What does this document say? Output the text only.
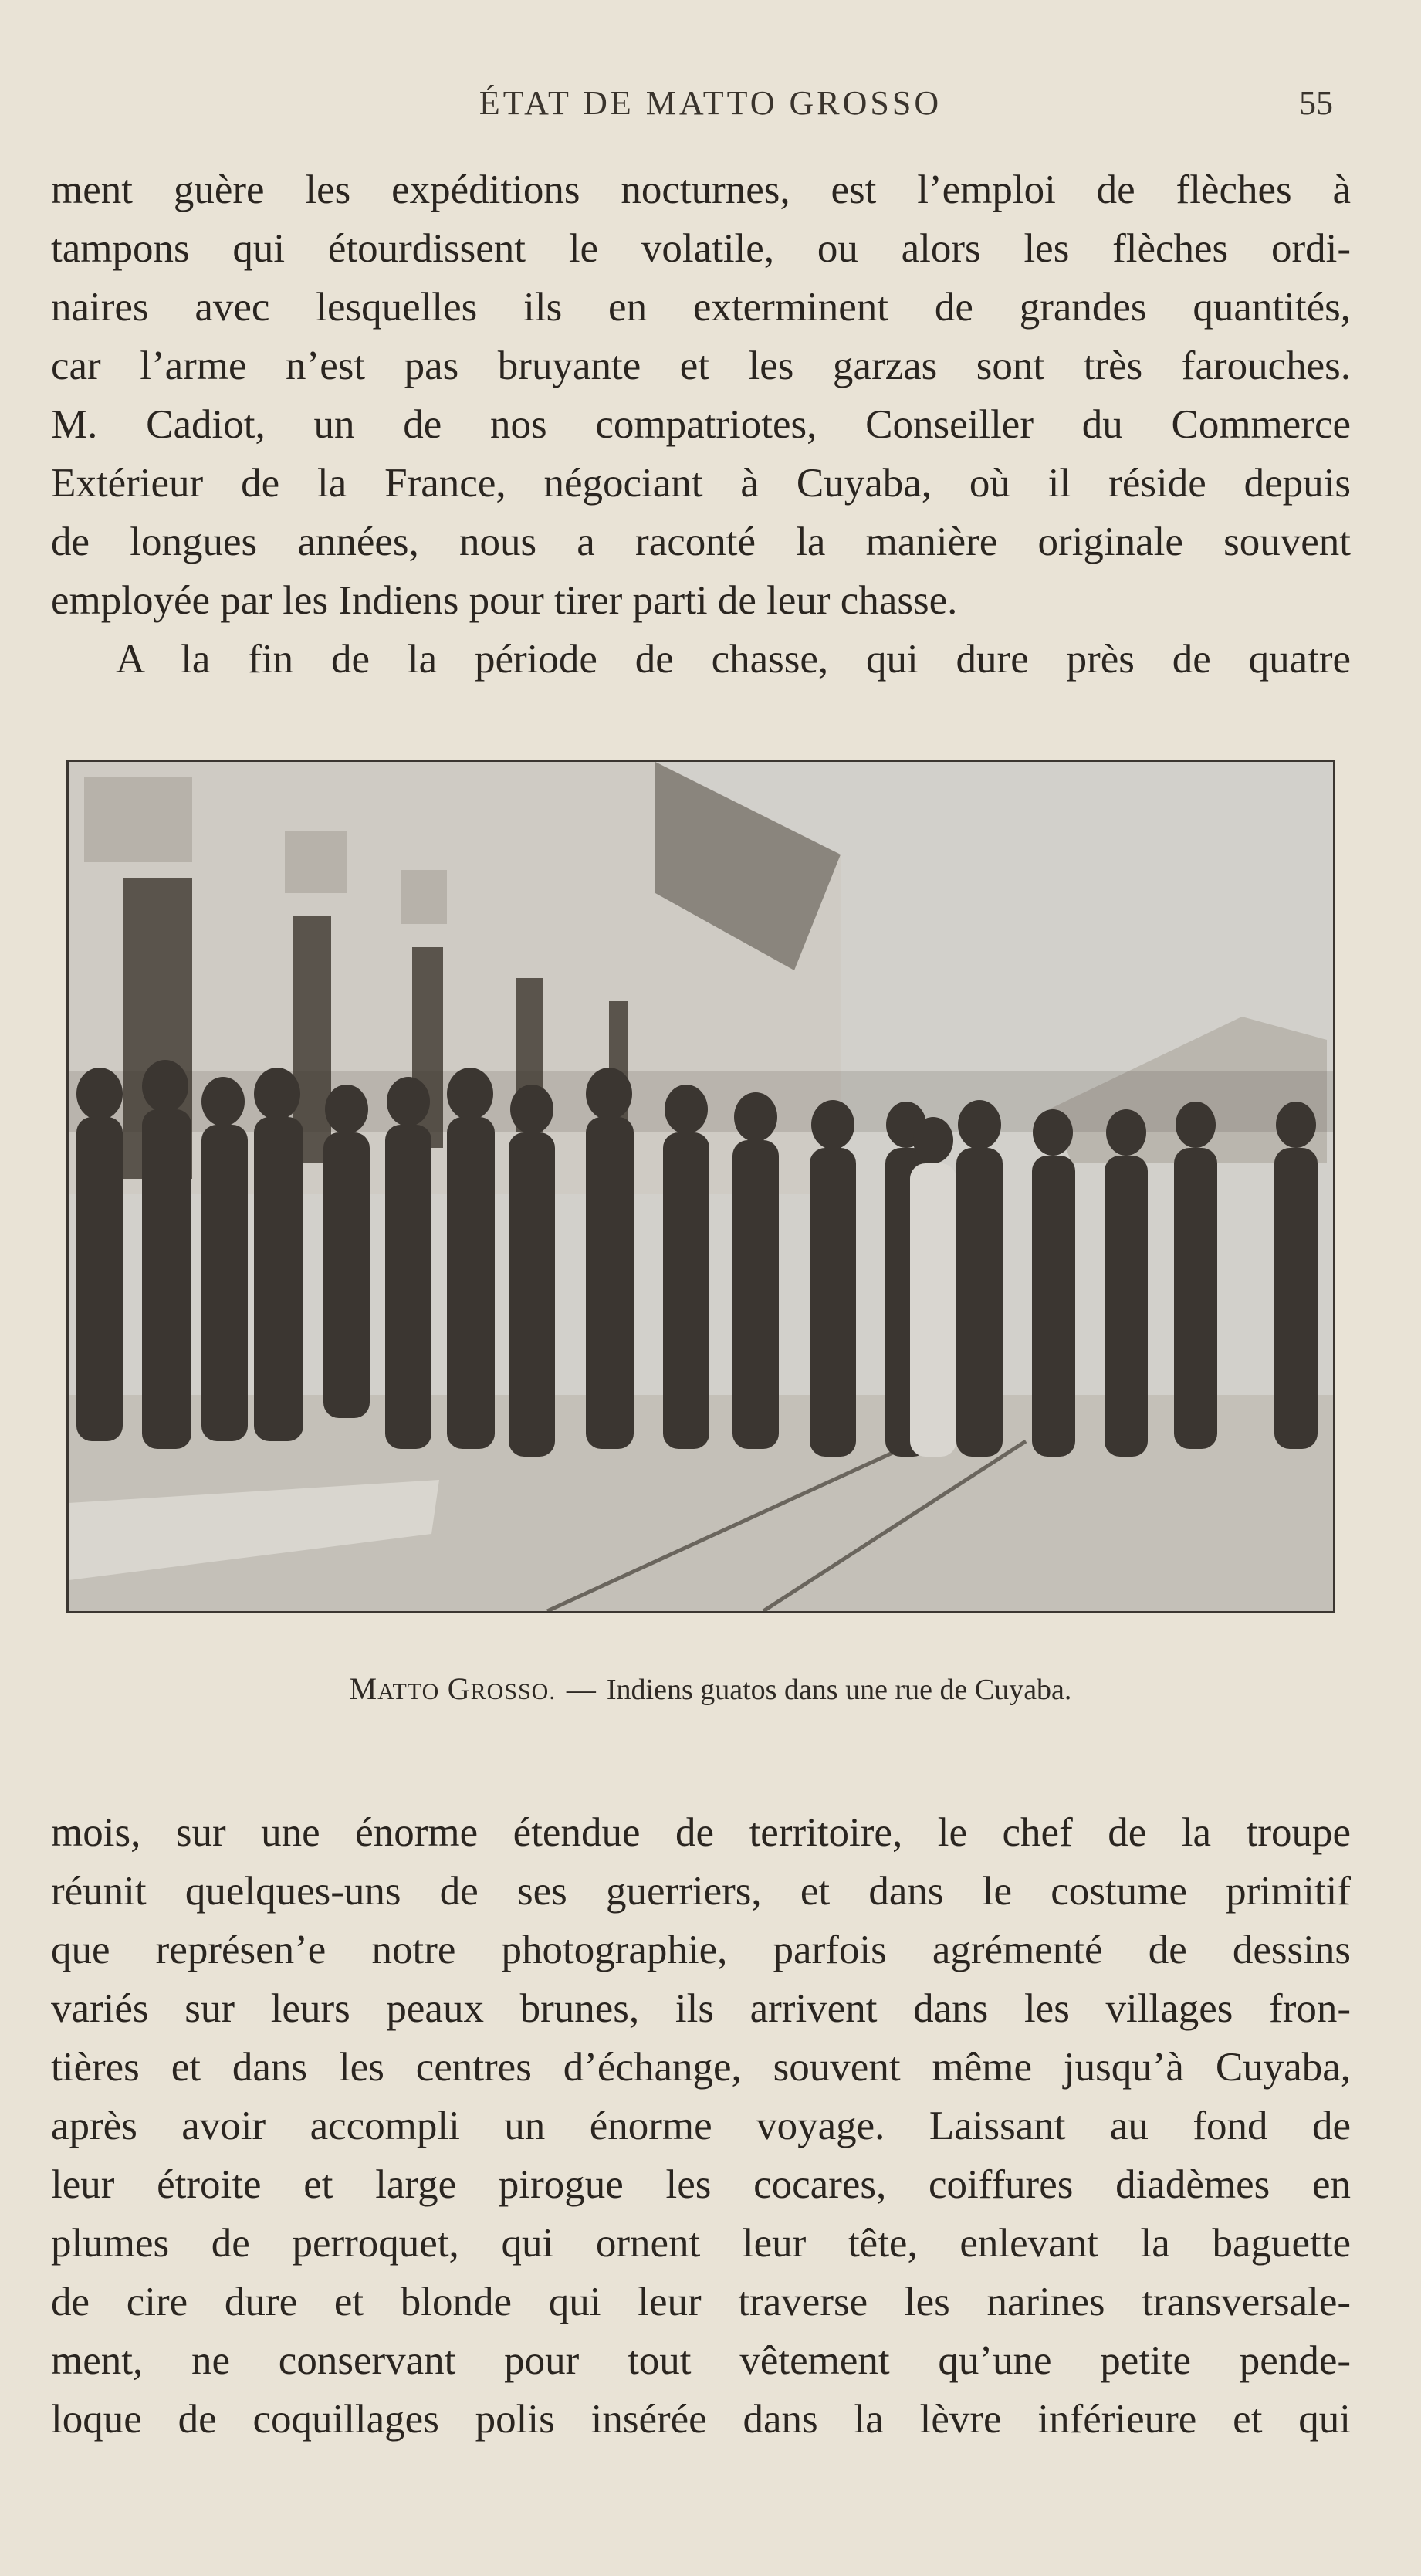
ÉTAT DE MATTO GROSSO	55
ment guère les expéditions nocturnes, est l’emploi de flèches à
tampons qui étourdissent le volatile, ou alors les flèches ordi-
naires avec lesquelles ils en exterminent de grandes quantités,
car l’arme n’est pas bruyante et les garzas sont très farouches.
M. Cadiot, un de nos compatriotes, Conseiller du Commerce
Extérieur de la France, négociant à Cuyaba, où il réside depuis
de longues années, nous a raconté la manière originale souvent
employée par les Indiens pour tirer parti de leur chasse.
A la fin de la période de chasse, qui dure près de quatre
MATTO GROSSO. — Indiens guatos dans une rue de Cuyaba.
mois, sur une énorme étendue de territoire, le chef de la troupe
réunit quelques-uns de ses guerriers, et dans le costume primitif
que représen’e notre photographie, parfois agrémenté de dessins
variés sur leurs peaux brunes, ils arrivent dans les villages fron-
tières et dans les centres d’échange, souvent même jusqu’à Cuyaba,
après avoir accompli un énorme voyage. Laissant au fond de
leur étroite et large pirogue les cocares, coiffures diadèmes en
plumes de perroquet, qui ornent leur tête, enlevant la baguette
de cire dure et blonde qui leur traverse les narines transversale-
ment, ne conservant pour tout vêtement qu’une petite pende-
loque de coquillages polis insérée dans la lèvre inférieure et qui
